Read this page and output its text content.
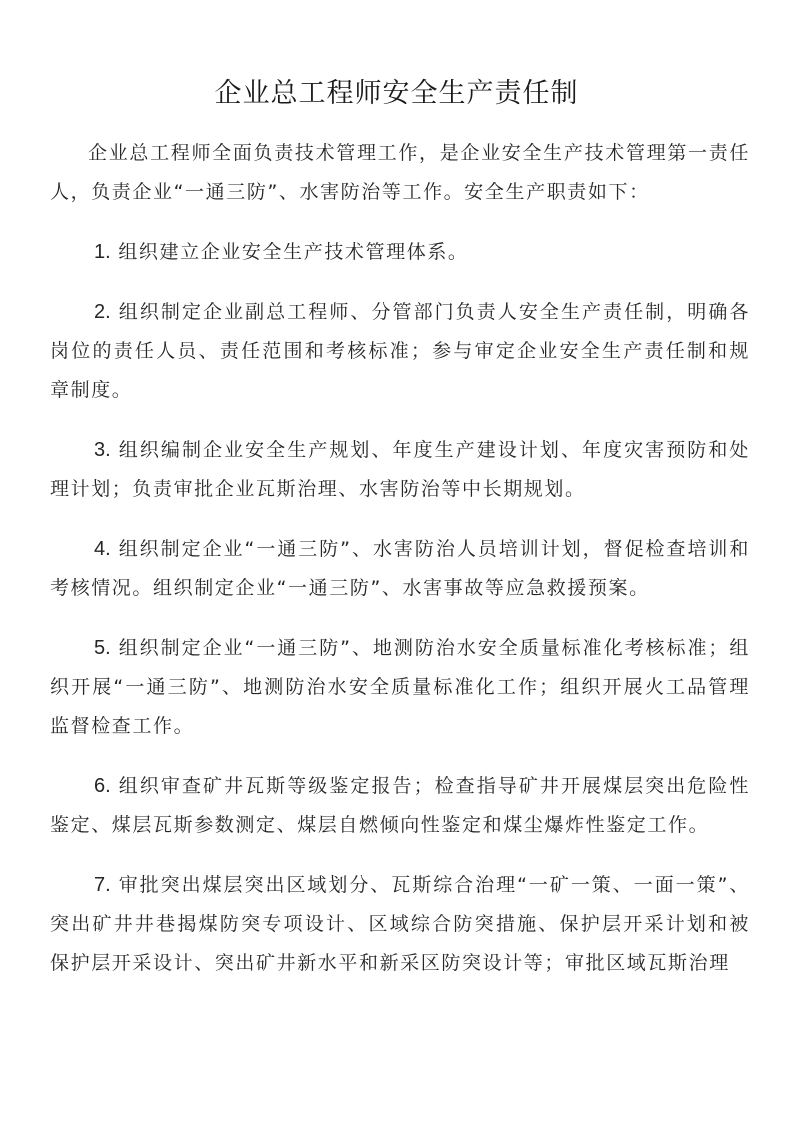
企业总工程师安全生产责任制

企业总工程师全面负责技术管理工作，是企业安全生产技术管理第一责任人，负责企业“一通三防”、水害防治等工作。安全生产职责如下：

1. 组织建立企业安全生产技术管理体系。

2. 组织制定企业副总工程师、分管部门负责人安全生产责任制，明确各岗位的责任人员、责任范围和考核标准；参与审定企业安全生产责任制和规章制度。

3. 组织编制企业安全生产规划、年度生产建设计划、年度灾害预防和处理计划；负责审批企业瓦斯治理、水害防治等中长期规划。

4. 组织制定企业“一通三防”、水害防治人员培训计划，督促检查培训和考核情况。组织制定企业“一通三防”、水害事故等应急救援预案。

5. 组织制定企业“一通三防”、地测防治水安全质量标准化考核标准；组织开展“一通三防”、地测防治水安全质量标准化工作；组织开展火工品管理监督检查工作。

6. 组织审查矿井瓦斯等级鉴定报告；检查指导矿井开展煤层突出危险性鉴定、煤层瓦斯参数测定、煤层自燃倾向性鉴定和煤尘爆炸性鉴定工作。

7. 审批突出煤层突出区域划分、瓦斯综合治理“一矿一策、一面一策”、突出矿井井巷揭煤防突专项设计、区域综合防突措施、保护层开采计划和被保护层开采设计、突出矿井新水平和新采区防突设计等；审批区域瓦斯治理
